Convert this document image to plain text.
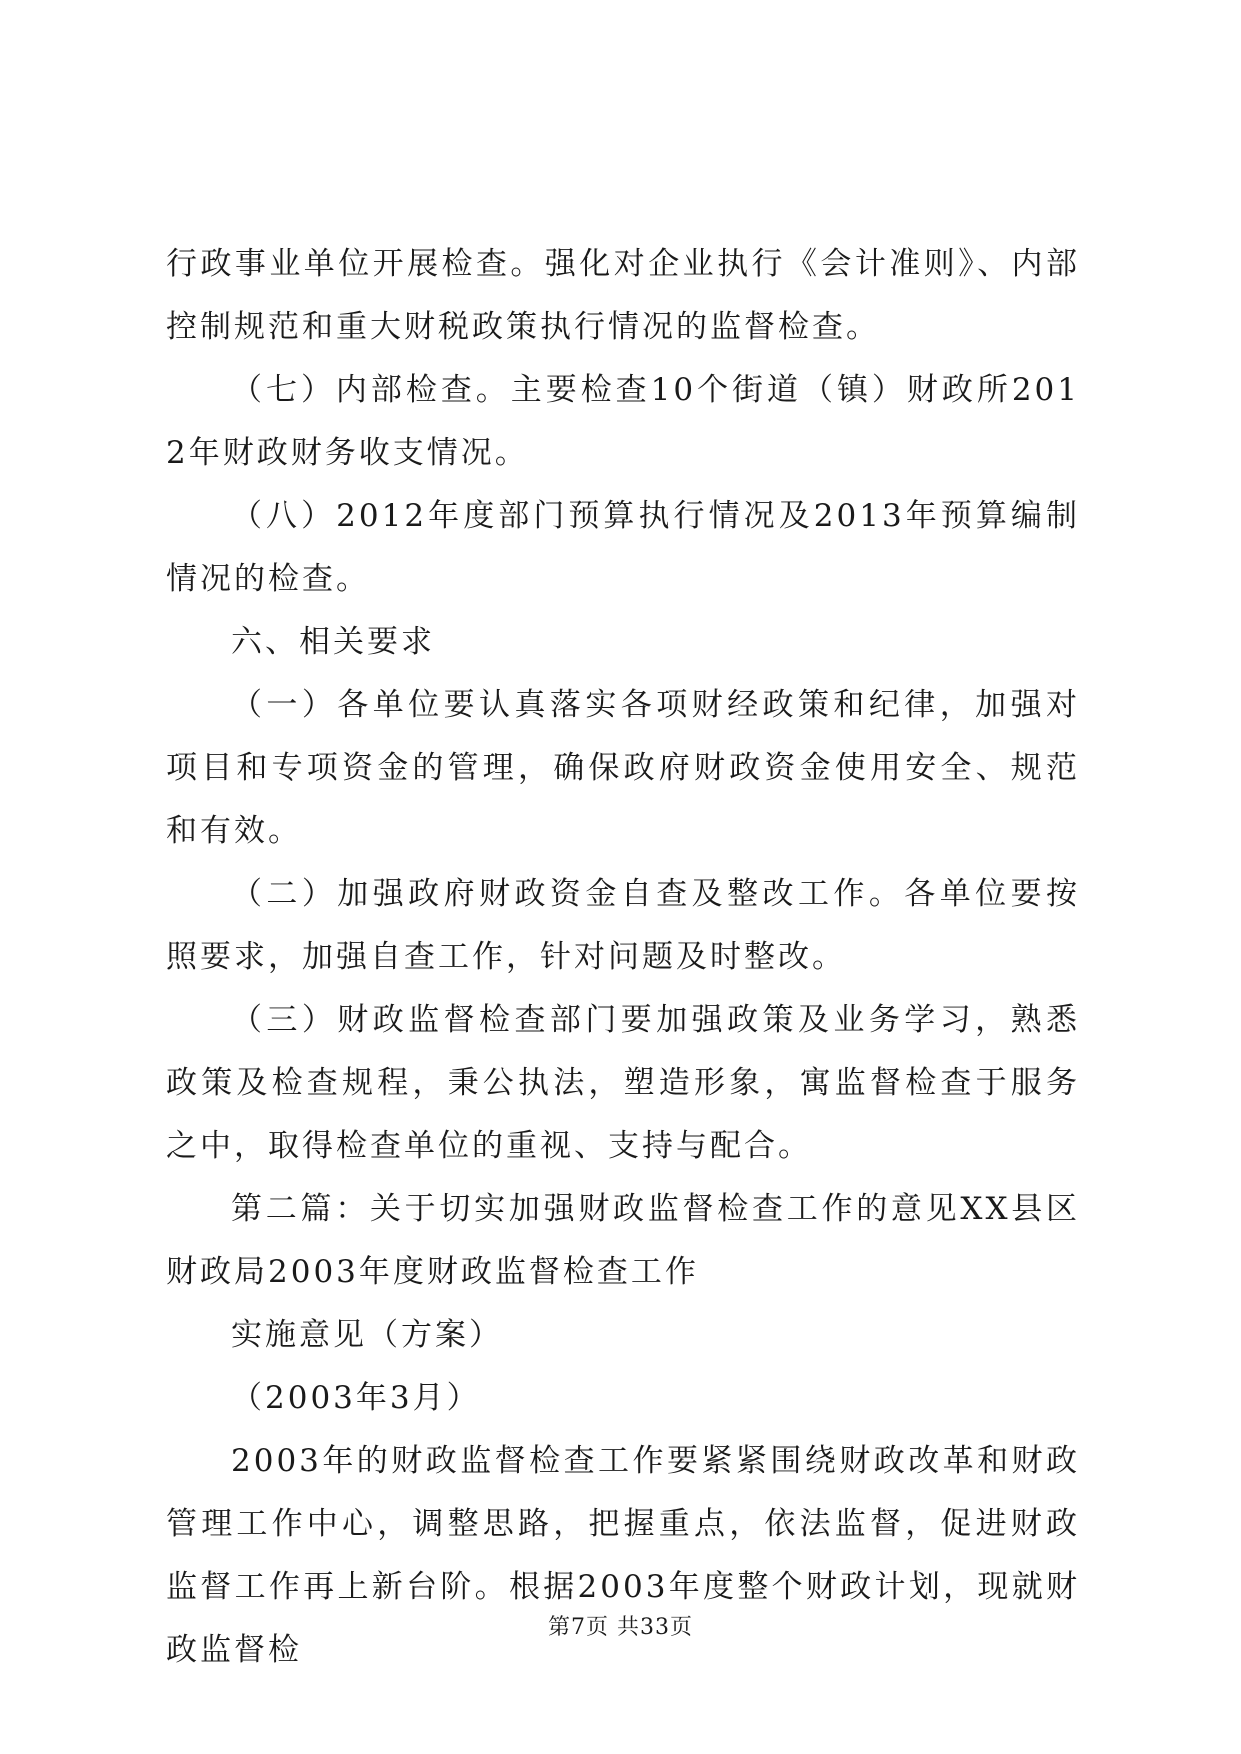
行政事业单位开展检查。强化对企业执行《会计准则》、内部控制规范和重大财税政策执行情况的监督检查。

（七）内部检查。主要检查10个街道（镇）财政所2012年财政财务收支情况。

（八）2012年度部门预算执行情况及2013年预算编制情况的检查。

六、相关要求

（一）各单位要认真落实各项财经政策和纪律，加强对项目和专项资金的管理，确保政府财政资金使用安全、规范和有效。

（二）加强政府财政资金自查及整改工作。各单位要按照要求，加强自查工作，针对问题及时整改。

（三）财政监督检查部门要加强政策及业务学习，熟悉政策及检查规程，秉公执法，塑造形象，寓监督检查于服务之中，取得检查单位的重视、支持与配合。

第二篇：关于切实加强财政监督检查工作的意见XX县区财政局2003年度财政监督检查工作

实施意见（方案）

（2003年3月）

2003年的财政监督检查工作要紧紧围绕财政改革和财政管理工作中心，调整思路，把握重点，依法监督，促进财政监督工作再上新台阶。根据2003年度整个财政计划，现就财政监督检

第7页 共33页
